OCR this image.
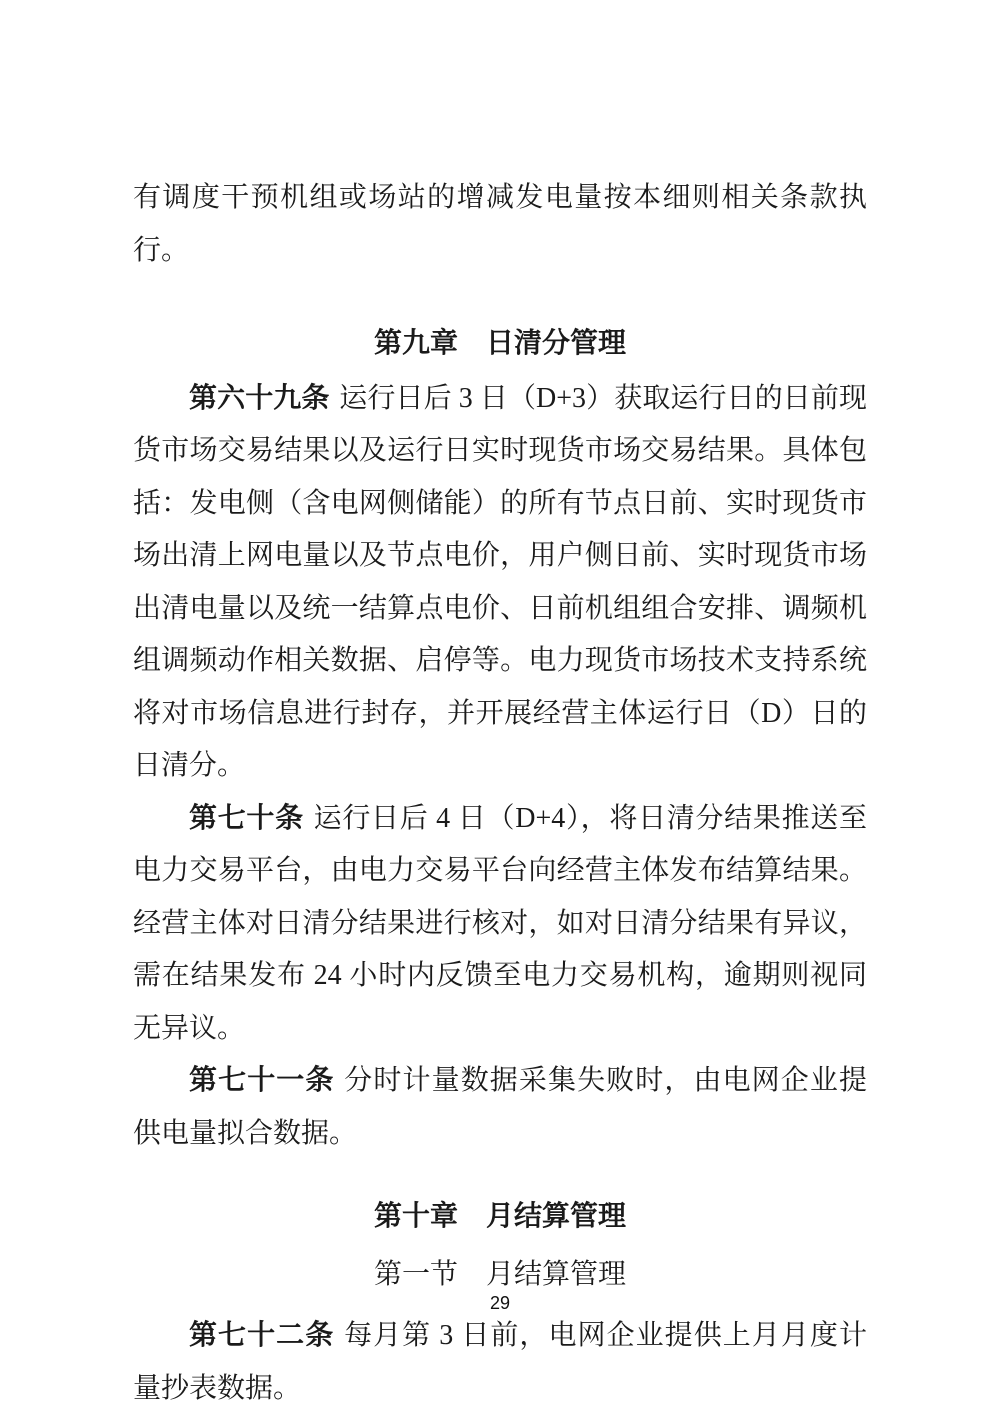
有调度干预机组或场站的增减发电量按本细则相关条款执行。

第九章　日清分管理

第六十九条 运行日后 3 日（D+3）获取运行日的日前现货市场交易结果以及运行日实时现货市场交易结果。具体包括：发电侧（含电网侧储能）的所有节点日前、实时现货市场出清上网电量以及节点电价，用户侧日前、实时现货市场出清电量以及统一结算点电价、日前机组组合安排、调频机组调频动作相关数据、启停等。电力现货市场技术支持系统将对市场信息进行封存，并开展经营主体运行日（D）日的日清分。

第七十条 运行日后 4 日（D+4），将日清分结果推送至电力交易平台，由电力交易平台向经营主体发布结算结果。经营主体对日清分结果进行核对，如对日清分结果有异议，需在结果发布 24 小时内反馈至电力交易机构，逾期则视同无异议。

第七十一条 分时计量数据采集失败时，由电网企业提供电量拟合数据。

第十章　月结算管理

第一节　月结算管理

第七十二条 每月第 3 日前，电网企业提供上月月度计量抄表数据。

29
